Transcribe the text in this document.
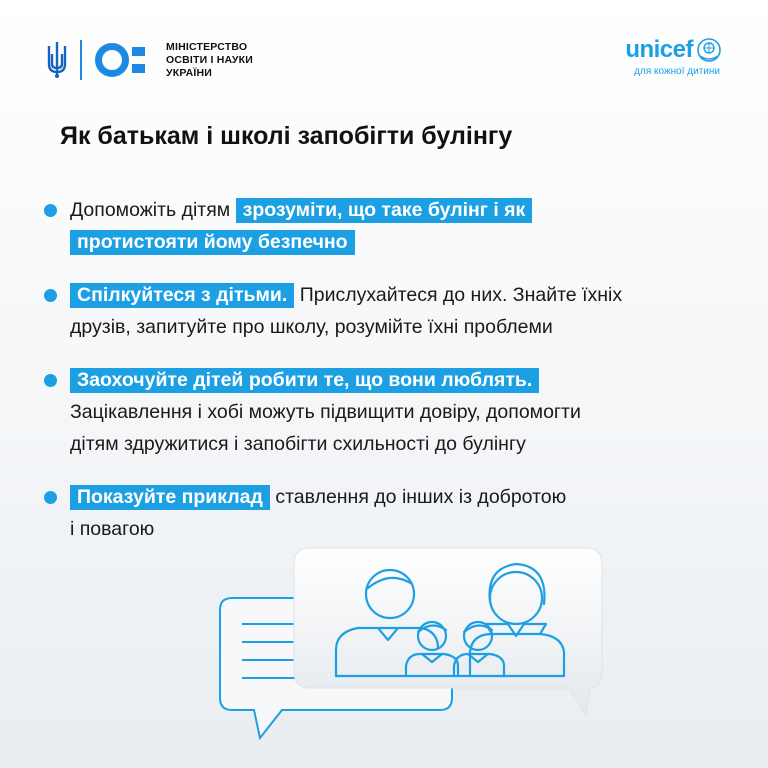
МІНІСТЕРСТВО
ОСВІТИ І НАУКИ
УКРАЇНИ
unicef
для кожної дитини
Як батькам і школі запобігти булінгу
Допоможіть дітям зрозуміти, що таке булінг і як
протистояти йому безпечно
Спілкуйтеся з дітьми. Прислухайтеся до них. Знайте їхніх
друзів, запитуйте про школу, розумійте їхні проблеми
Заохочуйте дітей робити те, що вони люблять.
Зацікавлення і хобі можуть підвищити довіру, допомогти
дітям здружитися і запобігти схильності до булінгу
Показуйте приклад ставлення до інших із добротою
і повагою
